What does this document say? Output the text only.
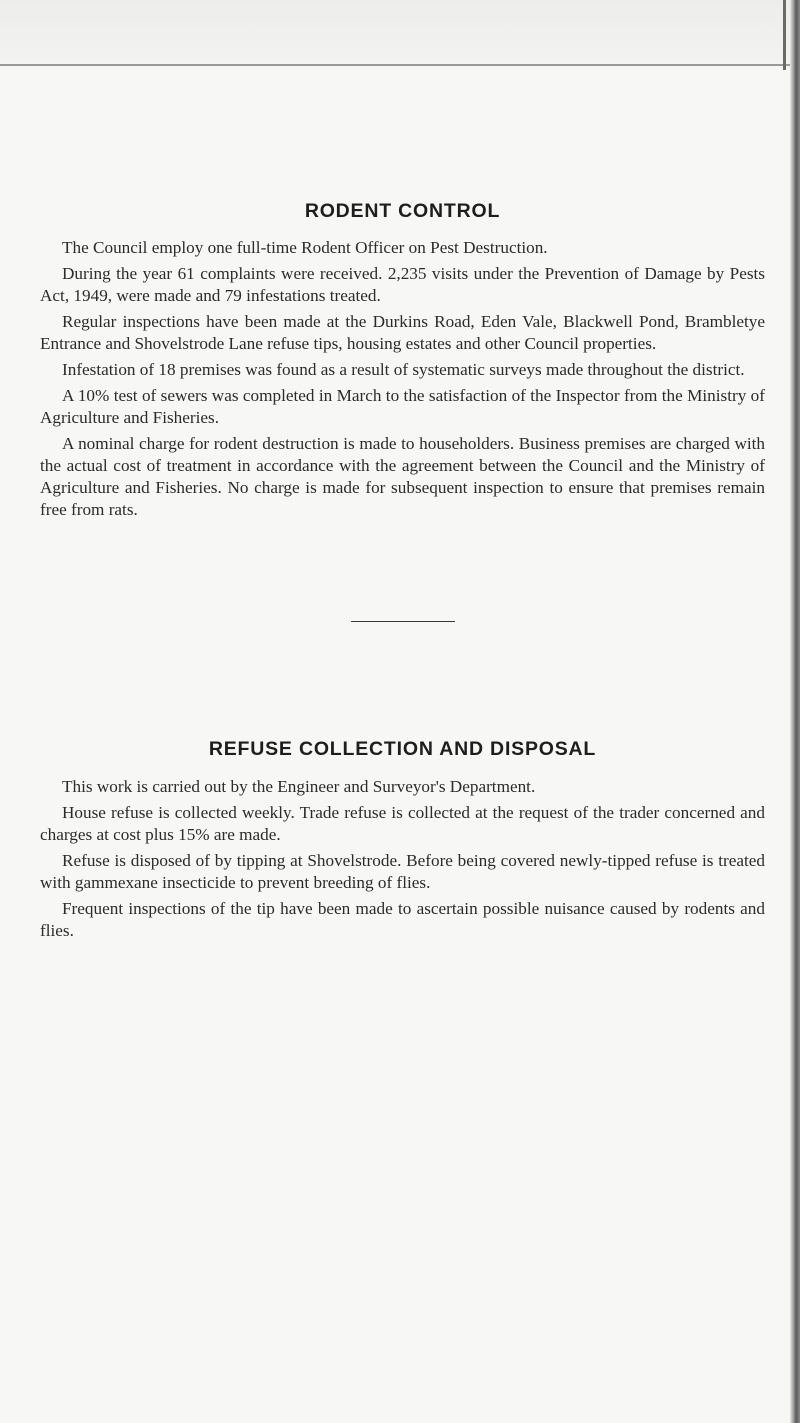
RODENT CONTROL

The Council employ one full-time Rodent Officer on Pest Destruction.

During the year 61 complaints were received. 2,235 visits under the Prevention of Damage by Pests Act, 1949, were made and 79 infestations treated.

Regular inspections have been made at the Durkins Road, Eden Vale, Blackwell Pond, Brambletye Entrance and Shovelstrode Lane refuse tips, housing estates and other Council properties.

Infestation of 18 premises was found as a result of systematic surveys made throughout the district.

A 10% test of sewers was completed in March to the satisfaction of the Inspector from the Ministry of Agriculture and Fisheries.

A nominal charge for rodent destruction is made to householders. Business premises are charged with the actual cost of treatment in accordance with the agreement between the Council and the Ministry of Agriculture and Fisheries. No charge is made for subsequent inspection to ensure that premises remain free from rats.

REFUSE COLLECTION AND DISPOSAL

This work is carried out by the Engineer and Surveyor's Department.

House refuse is collected weekly. Trade refuse is collected at the request of the trader concerned and charges at cost plus 15% are made.

Refuse is disposed of by tipping at Shovelstrode. Before being covered newly-tipped refuse is treated with gammexane insecticide to prevent breeding of flies.

Frequent inspections of the tip have been made to ascertain possible nuisance caused by rodents and flies.
